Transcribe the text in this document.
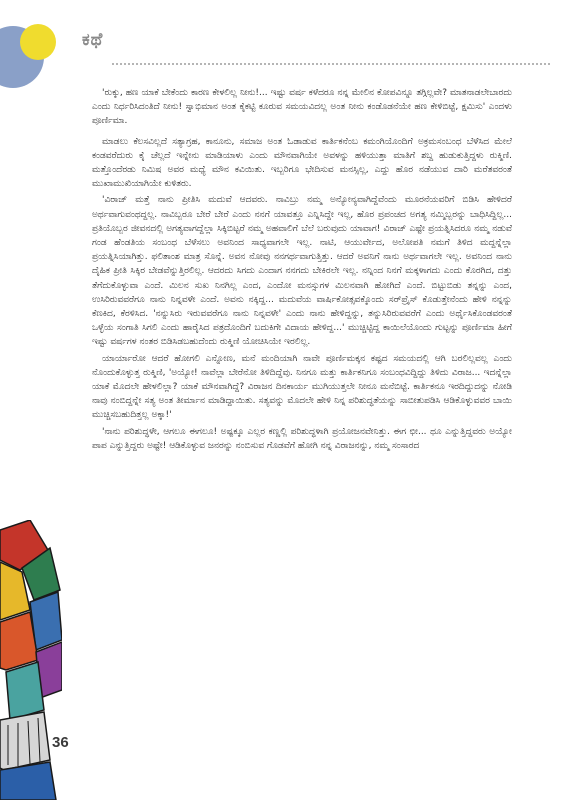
ಕಥೆ

'ರುಕ್ಕು, ಹಣ ಯಾಕೆ ಬೇಕೆಂದು ಕಾರಣ ಕೇಳಲಿಲ್ಲ ನೀನು!... ಇಷ್ಟು ವರ್ಷ ಕಳೆದರೂ ನನ್ನ ಮೇಲಿನ ಕೋಪವಿನ್ನೂ ತಗ್ಗಿಲ್ಲವೇ? ಮಾತನಾಡಲೇಬಾರದು ಎಂದು ನಿರ್ಧರಿಸಿದಂತಿದೆ ನೀನು! ಸ್ವಾಭಿಮಾನ ಅಂತ ಕೈಕಟ್ಟಿ ಕೂರುವ ಸಮಯವಿದಲ್ಲ ಅಂತ ನೀನು ಕಂಡೊಡನೆಯೇ ಹಣ ಕೇಳಿಬಿಟ್ಟೆ, ಕ್ಷಮಿಸು' ಎಂದಳು ಪೂರ್ಣಿಮಾ.

ಮಾಡಲು ಕೆಲಸವಿಲ್ಲದೆ ಸತ್ಯಾಗ್ರಹ, ಕಾನೂನು, ಸಮಾಜ ಅಂತ ಓಡಾಡುವ ಕಾರ್ತಿಕನೆಂಬ ಕಮಂಗಿಯೊಂದಿಗೆ ಅಕ್ರಮಸಂಬಂಧ ಬೆಳೆಸಿದ ಮೇಲೆ ಕಂಡವರೆದುರು ಕೈ ಚೆಲ್ಲದೆ ಇನ್ನೇನು ಮಾಡಿಯಾಳು ಎಂದು ಮೌನವಾಗಿಯೇ ಅವಳನ್ನು ಹಳಿಯುತ್ತಾ ಮಾತಿಗೆ ಶಬ್ದ ಹುಡುಕುತ್ತಿದ್ದಳು ರುಕ್ಮಿಣಿ. ಮತ್ತೊಂದೆರಡು ನಿಮಿಷ ಅವರ ಮಧ್ಯೆ ಮೌನ ಕವಿಯಿತು. ಇಬ್ಬರಿಗೂ ಭೇದಿಸುವ ಮನಸ್ಸಿಲ್ಲ, ಎದ್ದು ಹೊರ ನಡೆಯುವ ದಾರಿ ಮರೆತವರಂತೆ ಮುಖಾಮುಖಿಯಾಗಿಯೇ ಕುಳಿತರು.

'ವಿರಾಜ್ ಮತ್ತೆ ನಾನು ಪ್ರೀತಿಸಿ ಮದುವೆ ಆದವರು. ನಾವಿಬ್ರು ನಮ್ಮ ಅನ್ಯೋನ್ಯವಾಗಿದ್ದೆವೆಂದು ಮೂರನೆಯವರಿಗೆ ಬಿಡಿಸಿ ಹೇಳಿದರೆ ಅರ್ಥವಾಗುವಂಥದ್ದಲ್ಲ. ನಾವಿಬ್ಬರೂ ಬೇರೆ ಬೇರೆ ಎಂದು ನನಗೆ ಯಾವತ್ತೂ ಎನ್ನಿಸಿದ್ದೇ ಇಲ್ಲ, ಹೊರ ಪ್ರಪಂಚದ ಅಗತ್ಯ ನಮ್ಮಿಬ್ಬರನ್ನು ಬಾಧಿಸಿದ್ದಿಲ್ಲ... ಪ್ರತಿಯೊಬ್ಬರ ಜೀವನದಲ್ಲಿ ಅಗತ್ಯವಾಗದ್ದೆಲ್ಲಾ ಸಿಕ್ಕಿಬಿಟ್ಟರೆ ನಮ್ಮ ಅಹವಾಲಿಗೆ ಬೆಲೆ ಬರುವುದು ಯಾವಾಗ! ವಿರಾಜ್ ಎಷ್ಟೇ ಪ್ರಯತ್ನಿಸಿದರೂ ನಮ್ಮ ನಡುವೆ ಗಂಡ ಹೆಂಡತಿಯ ಸಂಬಂಧ ಬೆಳೆಸಲು ಅವನಿಂದ ಸಾಧ್ಯವಾಗಲೇ ಇಲ್ಲ. ನಾಟಿ, ಆಯುರ್ವೇದ, ಅಲೋಪತಿ ನಮಗೆ ತಿಳಿದ ಮದ್ದನ್ನೆಲ್ಲಾ ಪ್ರಯತ್ನಿಸಿಯಾಗಿತ್ತು. ಫಲಿತಾಂಶ ಮಾತ್ರ ಸೊನ್ನೆ. ಅವನ ನೋವು ನನಗರ್ಥವಾಗುತ್ತಿತ್ತು. ಆದರೆ ಅವನಿಗೆ ನಾನು ಅರ್ಥವಾಗಲೇ ಇಲ್ಲ. ಅವನಿಂದ ನಾನು ದೈಹಿಕ ಪ್ರೀತಿ ಸಿಕ್ಕಿರ ಬೇಡವೆನ್ನುತ್ತಿರಲಿಲ್ಲ. ಆದರದು ಸಿಗದು ಎಂದಾಗ ನನಗದು ಬೇಕಿರಲೇ ಇಲ್ಲ. ನನ್ನಿಂದ ನಿನಗೆ ಮಕ್ಕಳಾಗದು ಎಂದು ಕೊರಗಿದ, ದತ್ತು ತೆಗೆದುಕೊಳ್ಳುವಾ ಎಂದೆ. ಮಿಲನ ಸುಖ ನಿನಗಿಲ್ಲ ಎಂದ, ಎಂದೋ ಮನಸ್ಸುಗಳ ಮಿಲನವಾಗಿ ಹೋಗಿದೆ ಎಂದೆ. ಬಿಟ್ಟುಬಿಡು ತನ್ನನ್ನು ಎಂದ, ಉಸಿರಿರುವವರೆಗೂ ನಾನು ನಿನ್ನವಳೇ ಎಂದೆ. ಅವನು ನಕ್ಕಿದ್ದ... ಮದುವೆಯ ವಾರ್ಷಿಕೋತ್ಸವಕ್ಕೊಂದು ಸರ್‌ಪ್ರೈಸ್ ಕೊಡುತ್ತೇನೆಂದು ಹೇಳಿ ನನ್ನನ್ನು ಕೆಣಕಿದ, ಕೆರಳಿಸಿದ. 'ನನ್ನುಸಿರು ಇರುವವರೆಗೂ ನಾನು ನಿನ್ನವಳೇ' ಎಂದು ನಾನು ಹೇಳಿದ್ದನ್ನು, ತನ್ನುಸಿರಿರುವವರೆಗೆ ಎಂದು ಅರ್ಥೈಸಿಕೊಂಡವರಂತೆ ಒಳ್ಳೆಯ ಸಂಗಾತಿ ಸಿಗಲಿ ಎಂದು ಹಾರೈಸಿದ ಪತ್ರದೊಂದಿಗೆ ಬದುಕಿಗೇ ವಿದಾಯ ಹೇಳಿದ್ದ...' ಮುಚ್ಚಿಟ್ಟಿದ್ದ ಕಾಯಿಲೆಯೊಂದು ಗುಟ್ಟನ್ನು ಪೂರ್ಣಿಮಾ ಹೀಗೆ ಇಷ್ಟು ವರ್ಷಗಳ ನಂತರ ಬಿಡಿಸಿಡಬಹುದೆಂದು ರುಕ್ಮಿಣಿ ಯೋಚಿಸಿಯೇ ಇರಲಿಲ್ಲ.

ಯಾರ್ಯಾರೋ ಆದರೆ ಹೋಗಲಿ ಎನ್ನೋಣ, ಮನೆ ಮಂದಿಯಾಗಿ ನಾವೇ ಪೂರ್ಣಿಮಕ್ಕನ ಕಷ್ಟದ ಸಮಯದಲ್ಲಿ ಆಗಿ ಬರಲಿಲ್ಲವಲ್ಲ ಎಂದು ನೊಂದುಕೊಳ್ಳುತ್ತ ರುಕ್ಮಿಣಿ, 'ಅಯ್ಯೋ! ನಾವೆಲ್ಲಾ ಬೇರೆನೋ ತಿಳಿದಿದ್ದೆವು. ನಿನಗೂ ಮತ್ತು ಕಾರ್ತಿಕನಿಗೂ ಸಂಬಂಧವಿದ್ದಿದ್ದು ತಿಳಿದು ವಿರಾಜ... ಇದನ್ನೆಲ್ಲಾ ಯಾಕೆ ಮೊದಲೇ ಹೇಳಲಿಲ್ಲಾ? ಯಾಕೆ ಮೌನವಾಗಿದ್ದೆ? ವಿರಾಜನ ದಿನಕಾರ್ಯ ಮುಗಿಯುತ್ತಲೇ ನೀನೂ ಮನೆಬಿಟ್ಟೆ. ಕಾರ್ತಿಕನೂ ಇರದಿದ್ದುದನ್ನು ನೋಡಿ ನಾವು ನಂಬಿದ್ದನ್ನೇ ಸತ್ಯ ಅಂತ ತೀರ್ಮಾನ ಮಾಡಿದ್ದಾಯಿತು. ಸತ್ಯವನ್ನು ಮೊದಲೇ ಹೇಳಿ ನಿನ್ನ ಪರಿಶುದ್ಧತೆಯನ್ನು ಸಾಬೀತುಪಡಿಸಿ ಆಡಿಕೊಳ್ಳುವವರ ಬಾಯಿ ಮುಚ್ಚಿಸಬಹುದಿತ್ತಲ್ಲ ಅಕ್ಕಾ!'

'ನಾನು ಪರಿಶುದ್ಧಳೇ, ಆಗಲೂ ಈಗಲೂ! ಅಷ್ಟಕ್ಕೂ ಎಲ್ಲರ ಕಣ್ಣಲ್ಲಿ ಪರಿಶುದ್ಧಳಾಗಿ ಪ್ರಯೋಜನವೇನಿತ್ತು. ಈಗ ಛೀ... ಥೂ ಎನ್ನುತ್ತಿದ್ದವರು ಅಯ್ಯೋ ಪಾಪ ಎನ್ನುತ್ತಿದ್ದರು ಅಷ್ಟೇ! ಆಡಿಕೊಳ್ಳುವ ಜನರನ್ನು ನಂಬಿಸುವ ಗೊಡವೆಗೆ ಹೋಗಿ ನನ್ನ ವಿರಾಜನನ್ನು, ನಮ್ಮ ಸಂಸಾರದ

36
